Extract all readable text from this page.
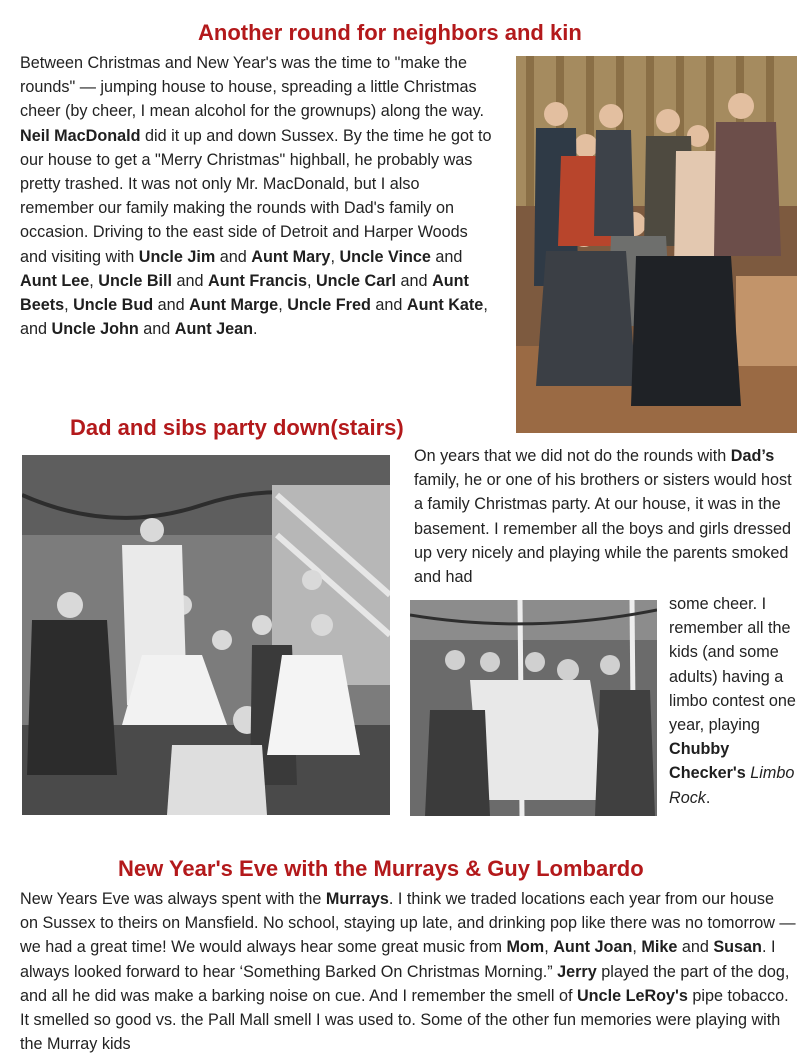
Another round for neighbors and kin

Between Christmas and New Year's was the time to "make the rounds" — jumping house to house, spreading a little Christmas cheer (by cheer, I mean alcohol for the grownups) along the way. Neil MacDonald did it up and down Sussex. By the time he got to our house to get a "Merry Christmas" highball, he probably was pretty trashed. It was not only Mr. MacDonald, but I also remember our family making the rounds with Dad's family on occasion. Driving to the east side of Detroit and Harper Woods and visiting with Uncle Jim and Aunt Mary, Uncle Vince and Aunt Lee, Uncle Bill and Aunt Francis, Uncle Carl and Aunt Beets, Uncle Bud and Aunt Marge, Uncle Fred and Aunt Kate, and Uncle John and Aunt Jean.

Dad and sibs party down(stairs)

On years that we did not do the rounds with Dad’s family, he or one of his brothers or sisters would host a family Christmas party. At our house, it was in the basement. I remember all the boys and girls dressed up very nicely and playing while the parents smoked and had

some cheer. I remember all the kids (and some adults) having a limbo contest one year, playing Chubby Checker's Limbo Rock.

New Year's Eve with the Murrays & Guy Lombardo

New Years Eve was always spent with the Murrays. I think we traded locations each year from our house on Sussex to theirs on Mansfield. No school, staying up late, and drinking pop like there was no tomorrow — we had a great time! We would always hear some great music from Mom, Aunt Joan, Mike and Susan. I always looked forward to hear ‘Something Barked On Christmas Morning.” Jerry played the part of the dog, and all he did was make a barking noise on cue. And I remember the smell of Uncle LeRoy's pipe tobacco. It smelled so good vs. the Pall Mall smell I was used to. Some of the other fun memories were playing with the Murray kids
